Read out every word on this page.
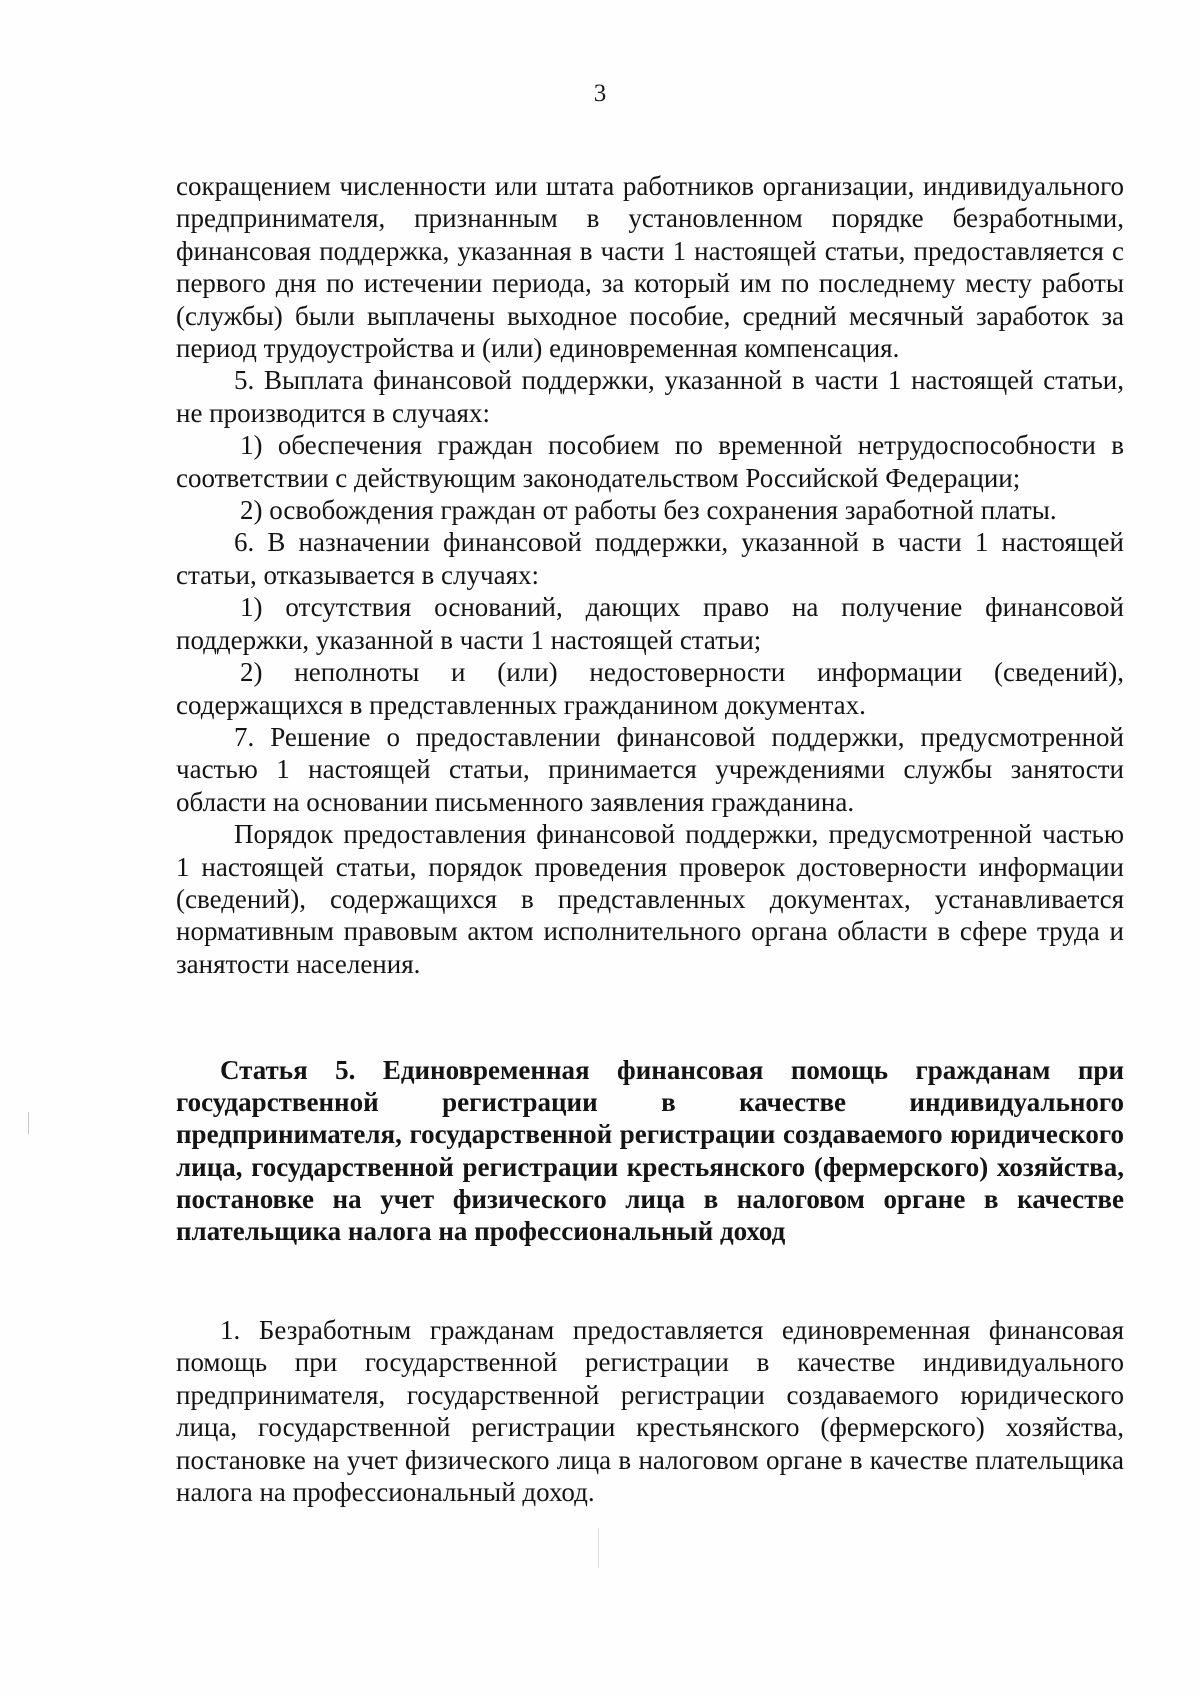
3

сокращением численности или штата работников организации, индивидуального предпринимателя, признанным в установленном порядке безработными, финансовая поддержка, указанная в части 1 настоящей статьи, предоставляется с первого дня по истечении периода, за который им по последнему месту работы (службы) были выплачены выходное пособие, средний месячный заработок за период трудоустройства и (или) единовременная компенсация.

5. Выплата финансовой поддержки, указанной в части 1 настоящей статьи, не производится в случаях:

1) обеспечения граждан пособием по временной нетрудоспособности в соответствии с действующим законодательством Российской Федерации;

2) освобождения граждан от работы без сохранения заработной платы.

6. В назначении финансовой поддержки, указанной в части 1 настоящей статьи, отказывается в случаях:

1) отсутствия оснований, дающих право на получение финансовой поддержки, указанной в части 1 настоящей статьи;

2) неполноты и (или) недостоверности информации (сведений), содержащихся в представленных гражданином документах.

7. Решение о предоставлении финансовой поддержки, предусмотренной частью 1 настоящей статьи, принимается учреждениями службы занятости области на основании письменного заявления гражданина.

Порядок предоставления финансовой поддержки, предусмотренной частью 1 настоящей статьи, порядок проведения проверок достоверности информации (сведений), содержащихся в представленных документах, устанавливается нормативным правовым актом исполнительного органа области в сфере труда и занятости населения.

Статья 5. Единовременная финансовая помощь гражданам при государственной регистрации в качестве индивидуального предпринимателя, государственной регистрации создаваемого юридического лица, государственной регистрации крестьянского (фермерского) хозяйства, постановке на учет физического лица в налоговом органе в качестве плательщика налога на профессиональный доход
1. Безработным гражданам предоставляется единовременная финансовая помощь при государственной регистрации в качестве индивидуального предпринимателя, государственной регистрации создаваемого юридического лица, государственной регистрации крестьянского (фермерского) хозяйства, постановке на учет физического лица в налоговом органе в качестве плательщика налога на профессиональный доход.
